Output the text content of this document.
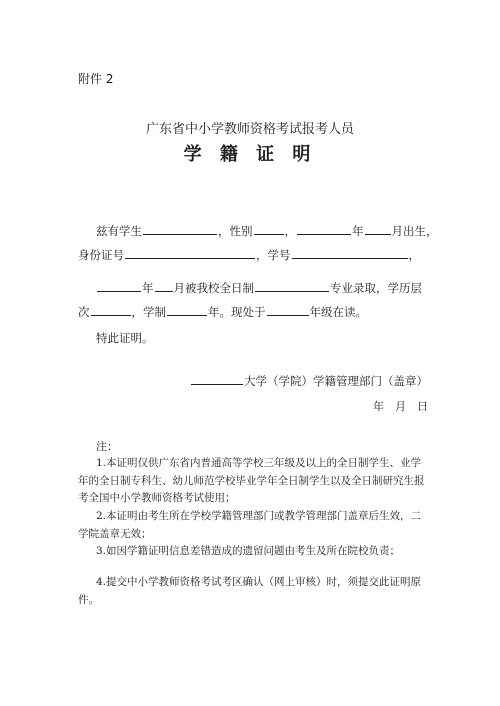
附件 2
广东省中小学教师资格考试报考人员
学 籍 证 明
兹有学生	，性别	，	年 月出生，
身份证号	，学号	，
年 月被我校全日制	专业录取，学历层
次	，学制	年。现处于	年级在读。
特此证明。
大学（学院）学籍管理部门（盖章）
年　月　日
注：
1.本证明仅供广东省内普通高等学校三年级及以上的全日制学生、业学年的全日制专科生、幼儿师范学校毕业学年全日制学生以及全日制研究生报考全国中小学教师资格考试使用；
2.本证明由考生所在学校学籍管理部门或教学管理部门盖章后生效，二学院盖章无效；
3.如因学籍证明信息差错造成的遗留问题由考生及所在院校负责；
4.提交中小学教师资格考试考区确认（网上审核）时，须提交此证明原件。
